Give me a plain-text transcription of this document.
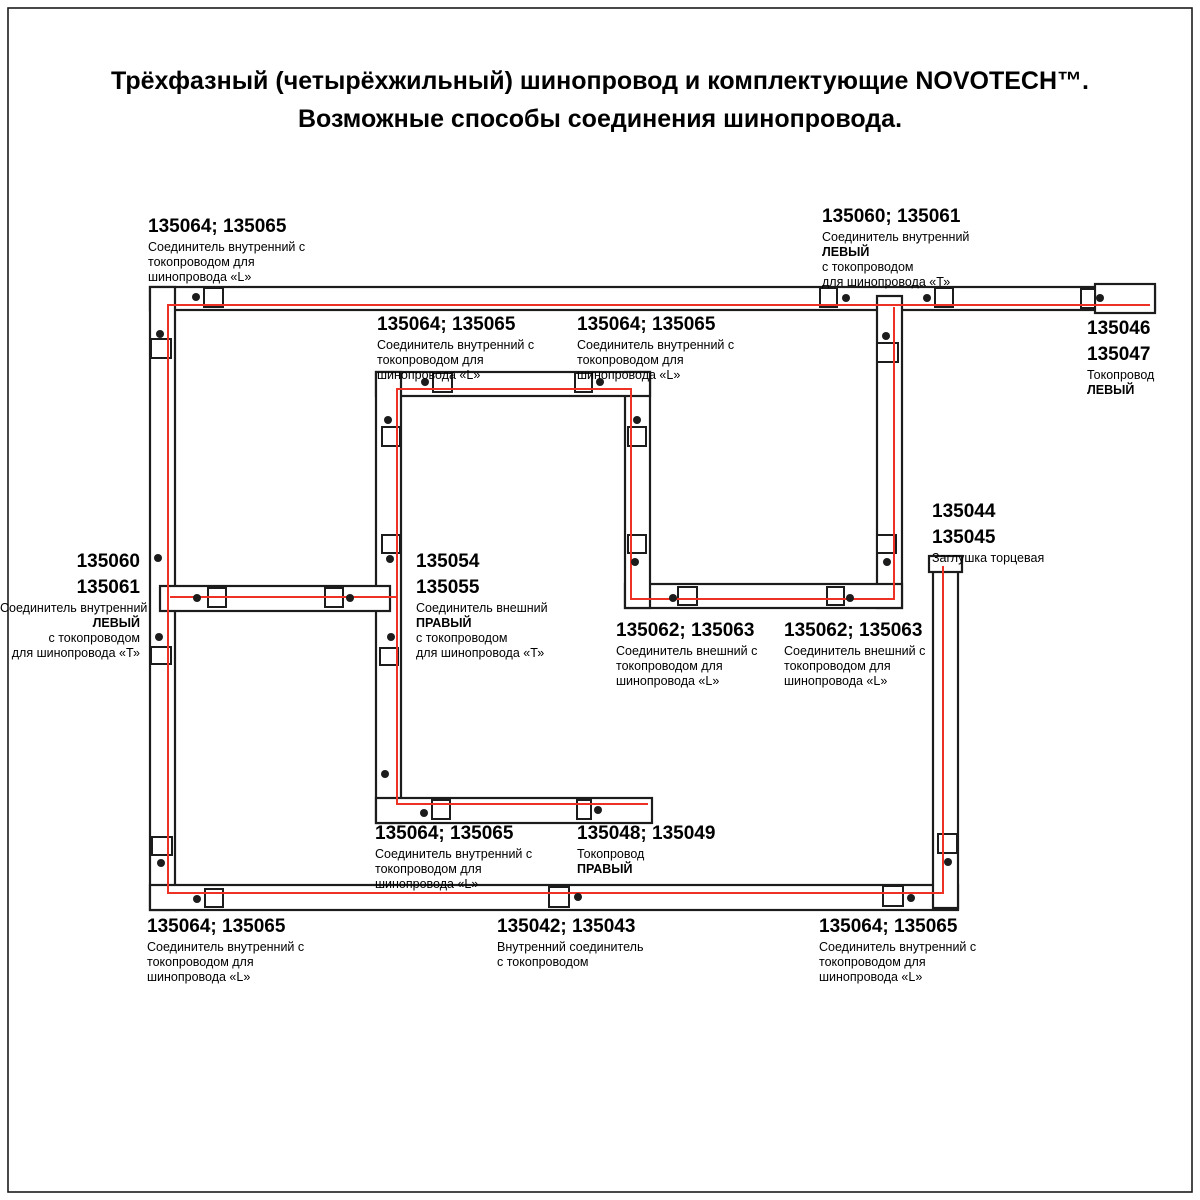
Трёхфазный (четырёхжильный) шинопровод и комплектующие NOVOTECH™.
Возможные способы соединения шинопровода.
135064; 135065
Соединитель внутренний с
токопроводом для
шинопровода «L»
135060; 135061
Соединитель внутренний
ЛЕВЫЙ
с токопроводом
для шинопровода «Т»
135046
135047
Токопровод
ЛЕВЫЙ
135064; 135065
Соединитель внутренний с
токопроводом для
шинопровода «L»
135064; 135065
Соединитель внутренний с
токопроводом для
шинопровода «L»
135060
135061
Соединитель внутренний
ЛЕВЫЙ
с токопроводом
для шинопровода «Т»
135054
135055
Соединитель внешний
ПРАВЫЙ
с токопроводом
для шинопровода «Т»
135062; 135063
Соединитель внешний с
токопроводом для
шинопровода «L»
135062; 135063
Соединитель внешний с
токопроводом для
шинопровода «L»
135044
135045
Заглушка торцевая
135064; 135065
Соединитель внутренний с
токопроводом для
шинопровода «L»
135048; 135049
Токопровод
ПРАВЫЙ
135064; 135065
Соединитель внутренний с
токопроводом для
шинопровода «L»
135042; 135043
Внутренний соединитель
с токопроводом
135064; 135065
Соединитель внутренний с
токопроводом для
шинопровода «L»
